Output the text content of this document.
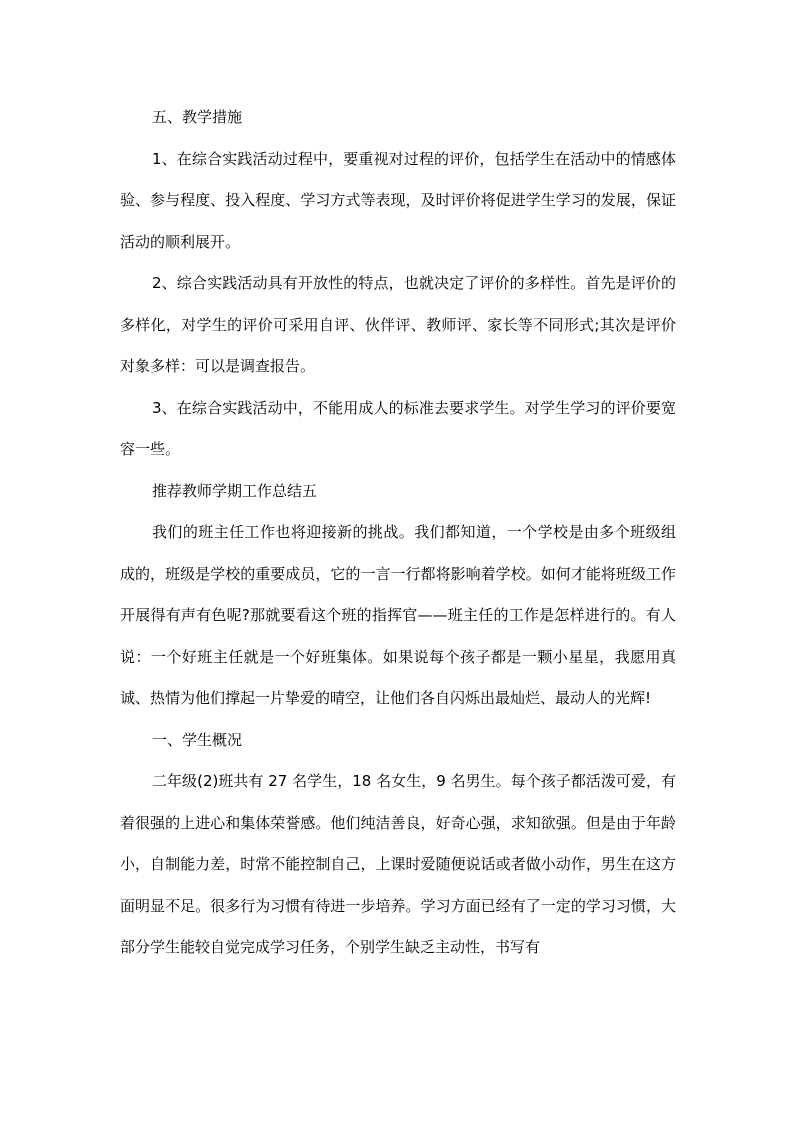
五、教学措施

1、在综合实践活动过程中，要重视对过程的评价，包括学生在活动中的情感体验、参与程度、投入程度、学习方式等表现，及时评价将促进学生学习的发展，保证活动的顺利展开。

2、综合实践活动具有开放性的特点，也就决定了评价的多样性。首先是评价的多样化，对学生的评价可采用自评、伙伴评、教师评、家长等不同形式;其次是评价对象多样：可以是调查报告。

3、在综合实践活动中，不能用成人的标准去要求学生。对学生学习的评价要宽容一些。

推荐教师学期工作总结五

我们的班主任工作也将迎接新的挑战。我们都知道，一个学校是由多个班级组成的，班级是学校的重要成员，它的一言一行都将影响着学校。如何才能将班级工作开展得有声有色呢?那就要看这个班的指挥官——班主任的工作是怎样进行的。有人说：一个好班主任就是一个好班集体。如果说每个孩子都是一颗小星星，我愿用真诚、热情为他们撑起一片挚爱的晴空，让他们各自闪烁出最灿烂、最动人的光辉!

一、学生概况

二年级(2)班共有 27 名学生，18 名女生，9 名男生。每个孩子都活泼可爱，有着很强的上进心和集体荣誉感。他们纯洁善良，好奇心强，求知欲强。但是由于年龄小，自制能力差，时常不能控制自己，上课时爱随便说话或者做小动作，男生在这方面明显不足。很多行为习惯有待进一步培养。学习方面已经有了一定的学习习惯，大部分学生能较自觉完成学习任务，个别学生缺乏主动性，书写有
